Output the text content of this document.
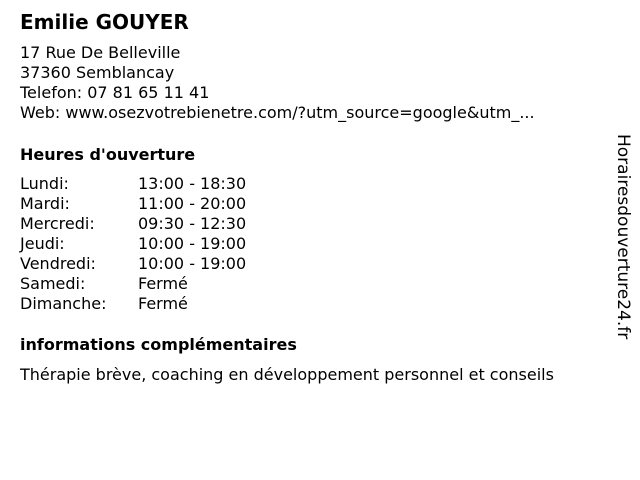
Emilie GOUYER
17 Rue De Belleville
37360 Semblancay
Telefon: 07 81 65 11 41
Web: www.osezvotrebienetre.com/?utm_source=google&utm_...
Heures d'ouverture
Lundi:	13:00 - 18:30
Mardi:	11:00 - 20:00
Mercredi:	09:30 - 12:30
Jeudi:	10:00 - 19:00
Vendredi:	10:00 - 19:00
Samedi:	Fermé
Dimanche: Fermé
informations complémentaires
Thérapie brève, coaching en développement personnel et conseils
Horairesdouverture24.fr
